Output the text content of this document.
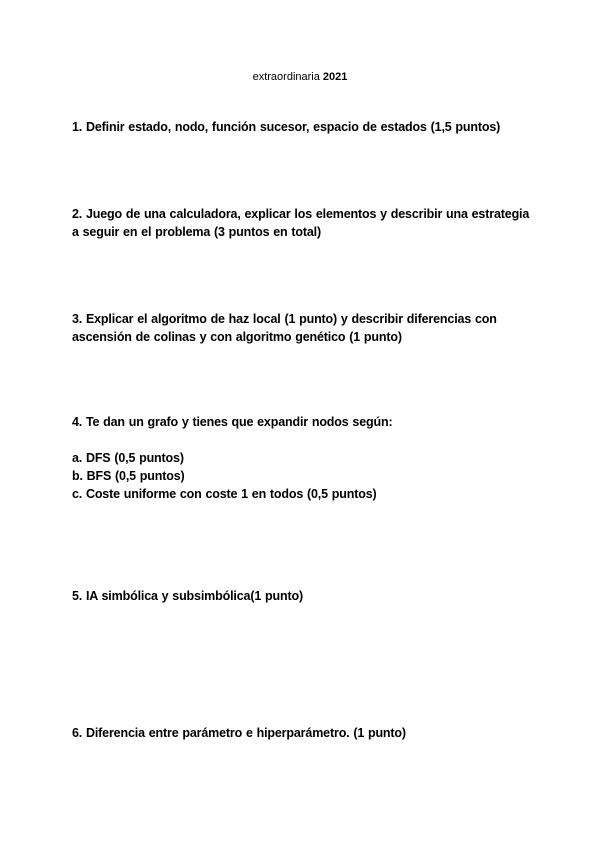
extraordinaria 2021

1. Definir estado, nodo, función sucesor, espacio de estados (1,5 puntos)

2. Juego de una calculadora, explicar los elementos y describir una estrategia a seguir en el problema (3 puntos en total)

3. Explicar el algoritmo de haz local (1 punto) y describir diferencias con ascensión de colinas y con algoritmo genético (1 punto)

4. Te dan un grafo y tienes que expandir nodos según:

a. DFS (0,5 puntos)

b. BFS (0,5 puntos)

c. Coste uniforme con coste 1 en todos (0,5 puntos)

5. IA simbólica y subsimbólica(1 punto)

6. Diferencia entre parámetro e hiperparámetro. (1 punto)
